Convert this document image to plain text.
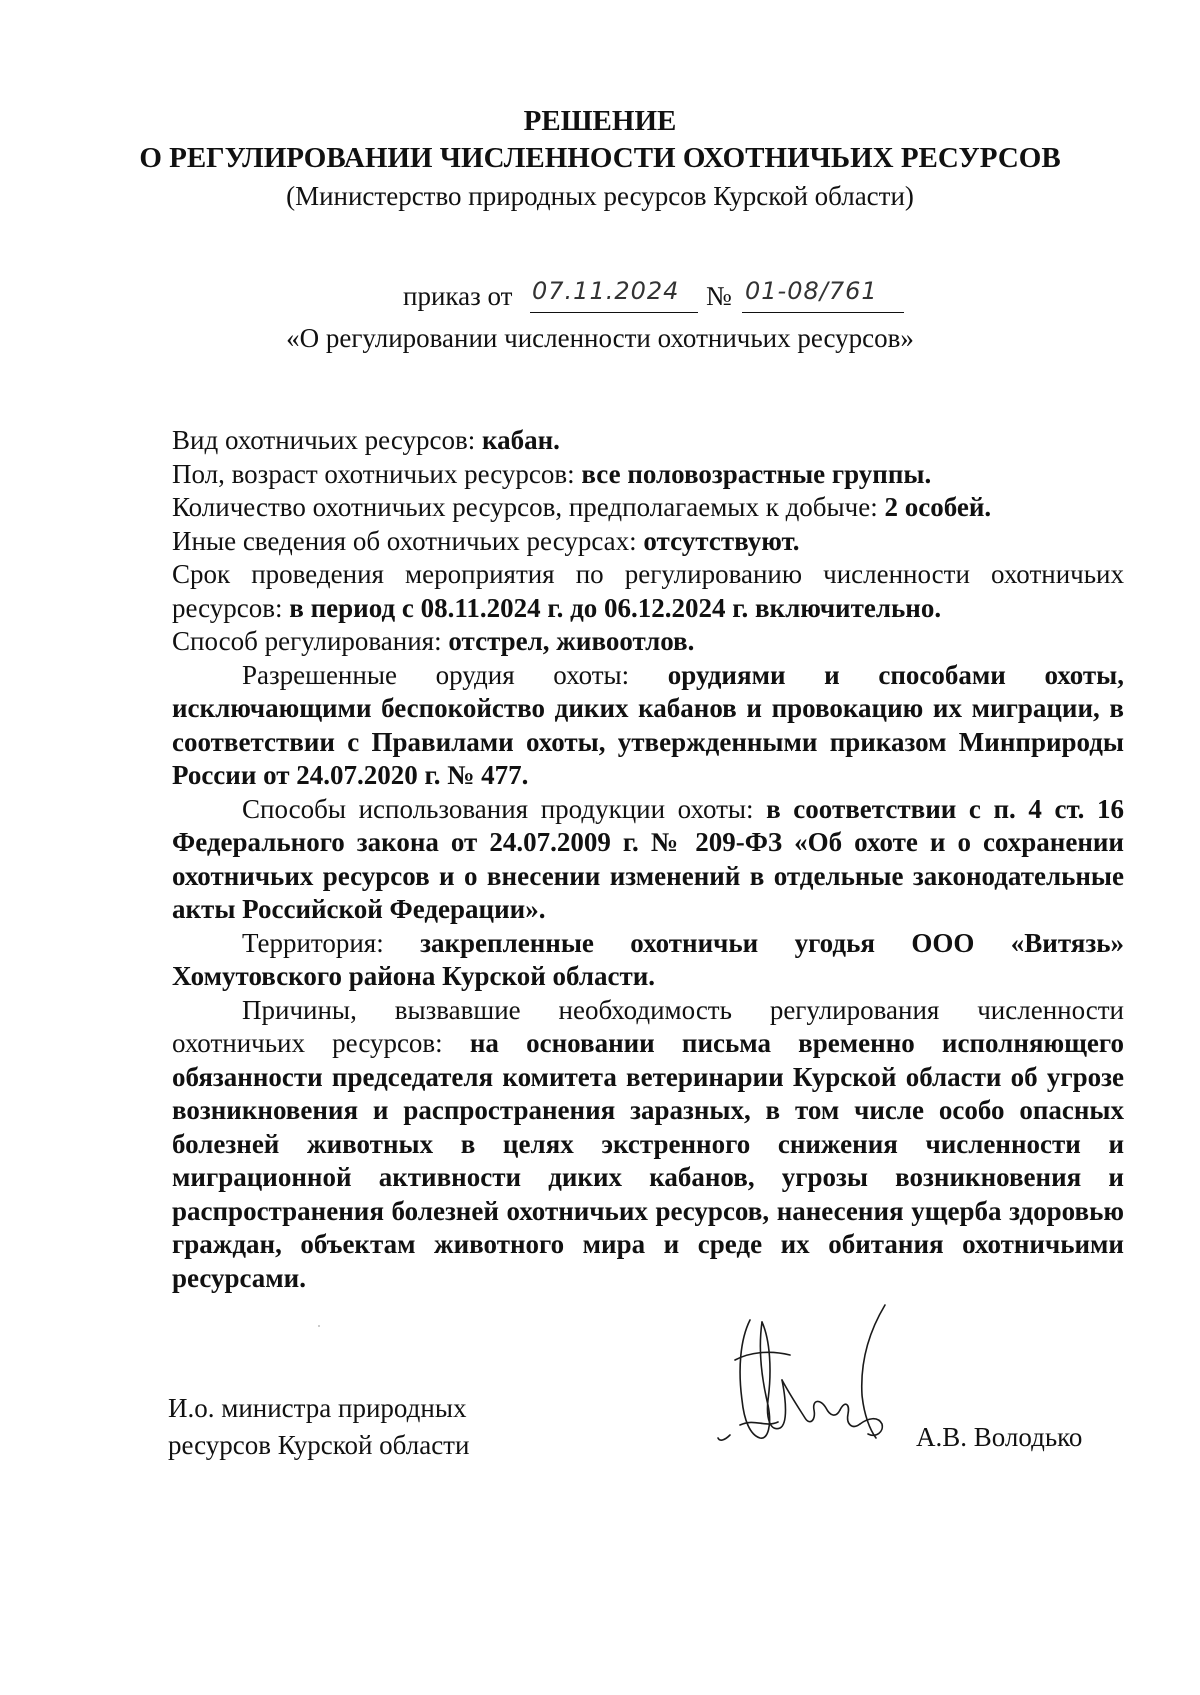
РЕШЕНИЕ
О РЕГУЛИРОВАНИИ ЧИСЛЕННОСТИ ОХОТНИЧЬИХ РЕСУРСОВ
(Министерство природных ресурсов Курской области)
приказ от 07.11.2024 № 01-08/761
«О регулировании численности охотничьих ресурсов»

Вид охотничьих ресурсов: кабан.

Пол, возраст охотничьих ресурсов: все половозрастные группы.

Количество охотничьих ресурсов, предполагаемых к добыче: 2 особей.

Иные сведения об охотничьих ресурсах: отсутствуют.

Срок проведения мероприятия по регулированию численности охотничьих ресурсов: в период с 08.11.2024 г. до 06.12.2024 г. включительно.

Способ регулирования: отстрел, живоотлов.

Разрешенные орудия охоты: орудиями и способами охоты, исключающими беспокойство диких кабанов и провокацию их миграции, в соответствии с Правилами охоты, утвержденными приказом Минприроды России от 24.07.2020 г. № 477.

Способы использования продукции охоты: в соответствии с п. 4 ст. 16 Федерального закона от 24.07.2009 г. № 209-ФЗ «Об охоте и о сохранении охотничьих ресурсов и о внесении изменений в отдельные законодательные акты Российской Федерации».

Территория: закрепленные охотничьи угодья ООО «Витязь» Хомутовского района Курской области.

Причины, вызвавшие необходимость регулирования численности охотничьих ресурсов: на основании письма временно исполняющего обязанности председателя комитета ветеринарии Курской области об угрозе возникновения и распространения заразных, в том числе особо опасных болезней животных в целях экстренного снижения численности и миграционной активности диких кабанов, угрозы возникновения и распространения болезней охотничьих ресурсов, нанесения ущерба здоровью граждан, объектам животного мира и среде их обитания охотничьими ресурсами.

И.о. министра природных
ресурсов Курской области	А.В. Володько
